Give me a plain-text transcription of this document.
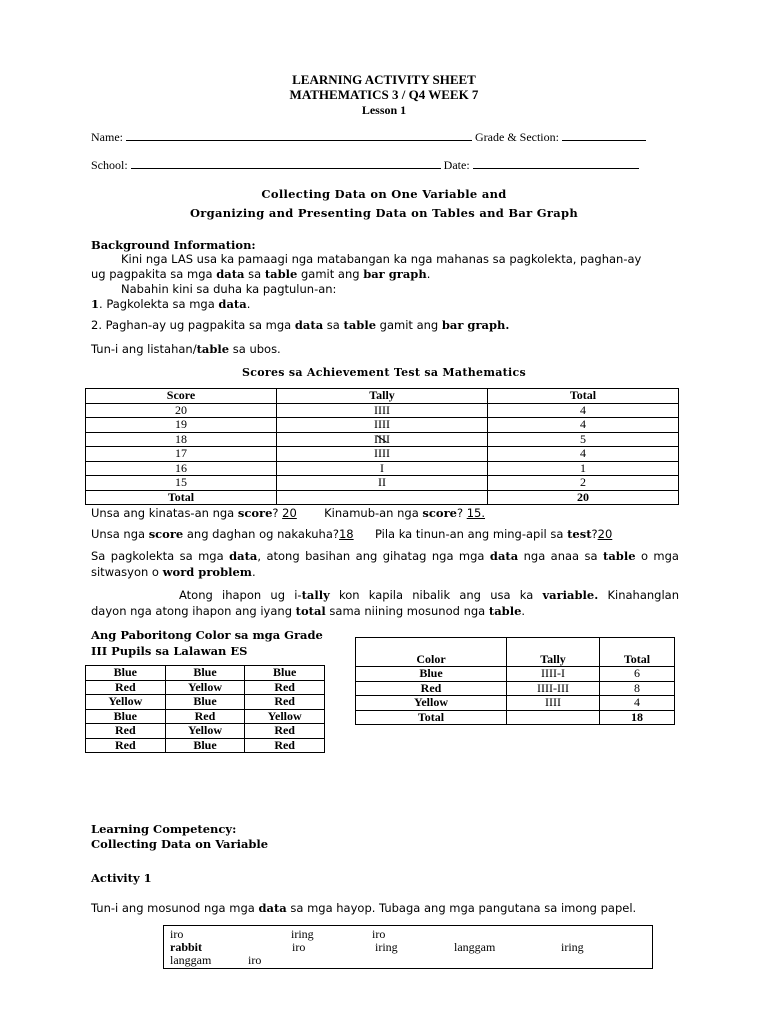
LEARNING ACTIVITY SHEET
MATHEMATICS 3 / Q4 WEEK 7
Lesson 1
Name:	Grade & Section:
School:	Date:
Collecting Data on One Variable and
Organizing and Presenting Data on Tables and Bar Graph
Background Information:
Kini nga LAS usa ka pamaagi nga matabangan ka nga mahanas sa pagkolekta, paghan-ay
ug pagpakita sa mga data sa table gamit ang bar graph.
Nabahin kini sa duha ka pagtulun-an:
1. Pagkolekta sa mga data.
2. Paghan-ay ug pagpakita sa mga data sa table gamit ang bar graph.
Tun-i ang listahan/table sa ubos.
Scores sa Achievement Test sa Mathematics
Score	Tally	Total
20	IIII	4
19	IIII	4
18	IIII	5
17	IIII	4
16	I	1
15	II	2
Total		20
Unsa ang kinatas-an nga score? 20 Kinamub-an nga score? 15.
Unsa nga score ang daghan og nakakuha?18 Pila ka tinun-an ang ming-apil sa test?20
Sa pagkolekta sa mga data, atong basihan ang gihatag nga mga data nga anaa sa table o mga
sitwasyon o word problem.
Atong ihapon ug i-tally kon kapila nibalik ang usa ka variable. Kinahanglan
dayon nga atong ihapon ang iyang total sama niining mosunod nga table.
Ang Paboritong Color sa mga Grade
III Pupils sa Lalawan ES
Blue	Blue	Blue
Red	Yellow	Red
Yellow	Blue	Red
Blue	Red	Yellow
Red	Yellow	Red
Red	Blue	Red
Color	Tally	Total
Blue	IIII-I	6
Red	IIII-III	8
Yellow	IIII	4
Total		18
Learning Competency:
Collecting Data on Variable
Activity 1
Tun-i ang mosunod nga mga data sa mga hayop. Tubaga ang mga pangutana sa imong papel.
iro	iring	iro
rabbit	iro	iring	langgam	iring
langgam	iro
